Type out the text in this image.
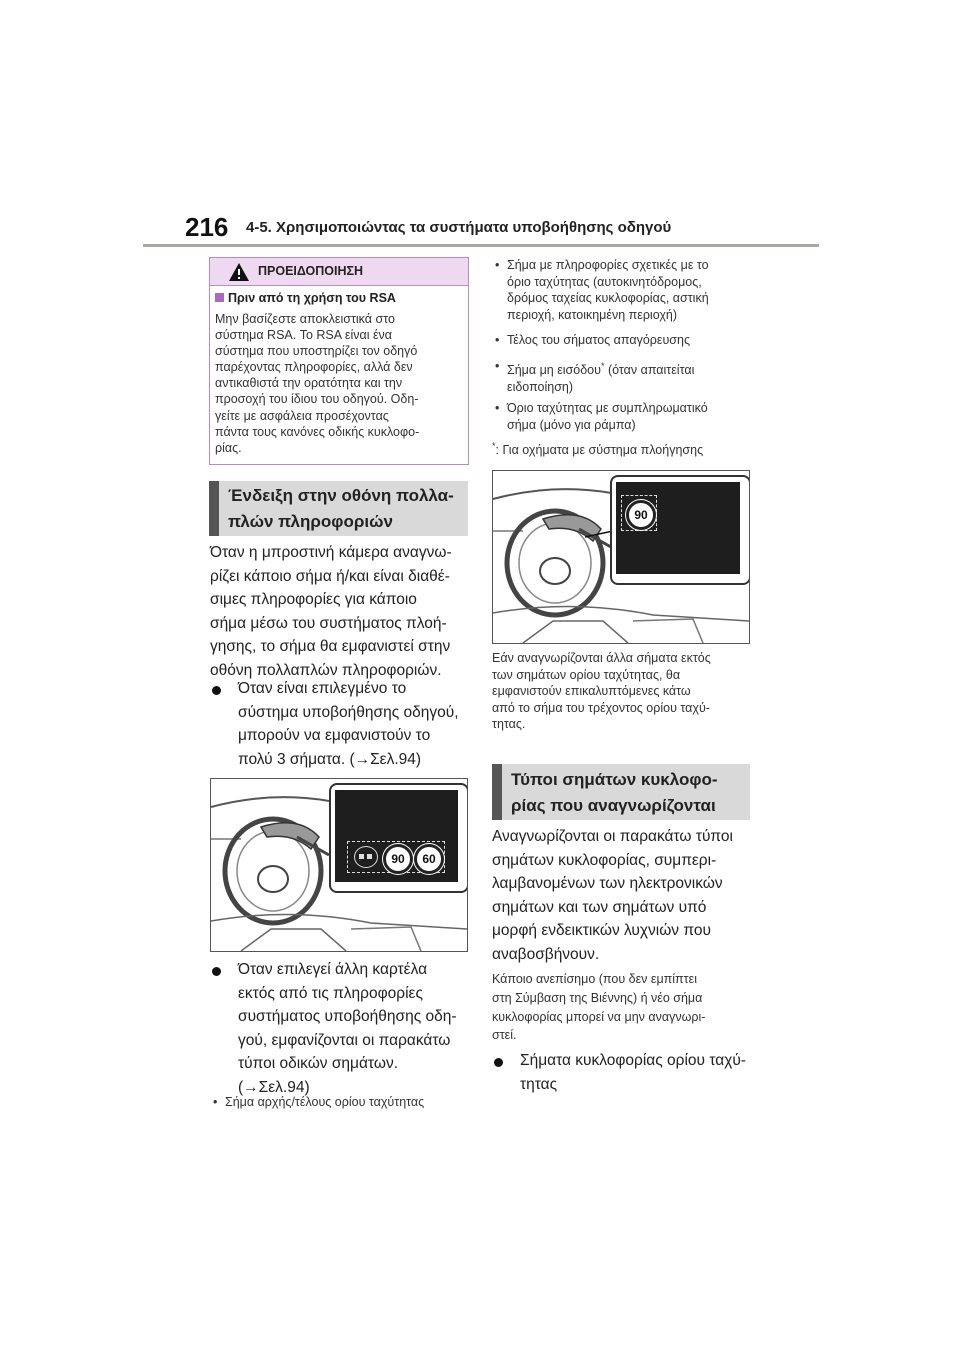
216 4-5. Χρησιμοποιώντας τα συστήματα υποβοήθησης οδηγού
ΠΡΟΕΙΔΟΠΟΙΗΣΗ
Πριν από τη χρήση του RSA
Μην βασίζεστε αποκλειστικά στο
σύστημα RSA. Το RSA είναι ένα
σύστημα που υποστηρίζει τον οδηγό
παρέχοντας πληροφορίες, αλλά δεν
αντικαθιστά την ορατότητα και την
προσοχή του ίδιου του οδηγού. Οδη-
γείτε με ασφάλεια προσέχοντας
πάντα τους κανόνες οδικής κυκλοφο-
ρίας.
Ένδειξη στην οθόνη πολλα-
πλών πληροφοριών
Όταν η μπροστινή κάμερα αναγνω-
ρίζει κάποιο σήμα ή/και είναι διαθέ-
σιμες πληροφορίες για κάποιο
σήμα μέσω του συστήματος πλοή-
γησης, το σήμα θα εμφανιστεί στην
οθόνη πολλαπλών πληροφοριών.
Όταν είναι επιλεγμένο το
σύστημα υποβοήθησης οδηγού,
μπορούν να εμφανιστούν το
πολύ 3 σήματα. (→Σελ.94)
90 60
Όταν επιλεγεί άλλη καρτέλα
εκτός από τις πληροφορίες
συστήματος υποβοήθησης οδη-
γού, εμφανίζονται οι παρακάτω
τύποι οδικών σημάτων.
(→Σελ.94)
• Σήμα αρχής/τέλους ορίου ταχύτητας
• Σήμα με πληροφορίες σχετικές με το
όριο ταχύτητας (αυτοκινητόδρομος,
δρόμος ταχείας κυκλοφορίας, αστική
περιοχή, κατοικημένη περιοχή)
• Τέλος του σήματος απαγόρευσης
• Σήμα μη εισόδου* (όταν απαιτείται
ειδοποίηση)
• Όριο ταχύτητας με συμπληρωματικό
σήμα (μόνο για ράμπα)
*: Για οχήματα με σύστημα πλοήγησης
90
Εάν αναγνωρίζονται άλλα σήματα εκτός
των σημάτων ορίου ταχύτητας, θα
εμφανιστούν επικαλυπτόμενες κάτω
από το σήμα του τρέχοντος ορίου ταχύ-
τητας.
Τύποι σημάτων κυκλοφο-
ρίας που αναγνωρίζονται
Αναγνωρίζονται οι παρακάτω τύποι
σημάτων κυκλοφορίας, συμπερι-
λαμβανομένων των ηλεκτρονικών
σημάτων και των σημάτων υπό
μορφή ενδεικτικών λυχνιών που
αναβοσβήνουν.
Κάποιο ανεπίσημο (που δεν εμπίπτει
στη Σύμβαση της Βιέννης) ή νέο σήμα
κυκλοφορίας μπορεί να μην αναγνωρι-
στεί.
Σήματα κυκλοφορίας ορίου ταχύ-
τητας
